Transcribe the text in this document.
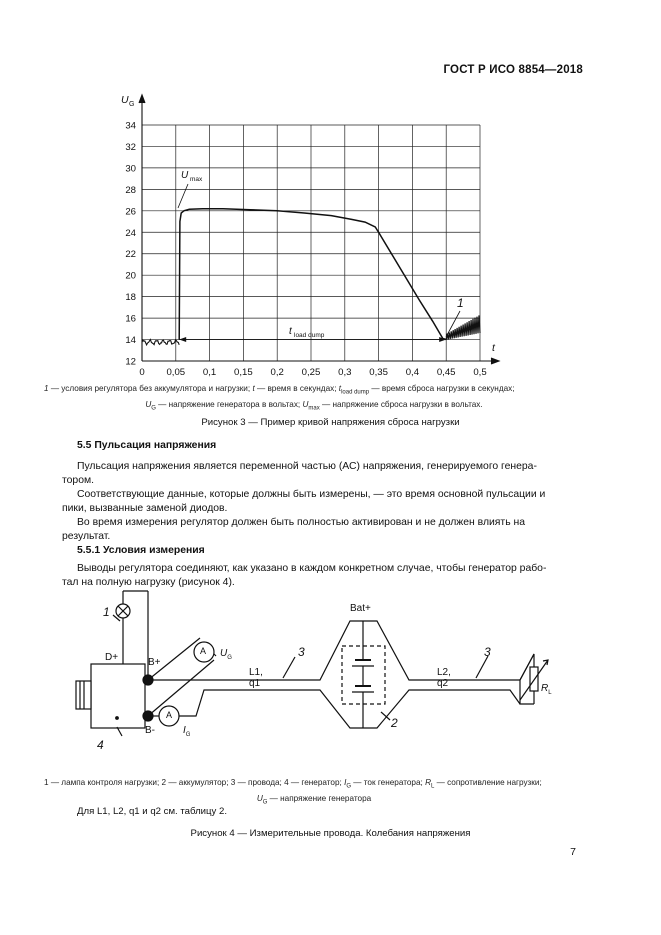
ГОСТ Р ИСО 8854—2018
12
14
16
18
20
22
24
26
28
30
32
34
0 0,05 0,1 0,15 0,2 0,25 0,3 0,35 0,4 0,45 0,5
U G
t
U max
t load dump
1
1 — условия регулятора без аккумулятора и нагрузки; t — время в секундах; $t_{load dump}$ — время сброса нагрузки в секундах;
$U_G$ — напряжение генератора в вольтах; $U_{max}$ — напряжение сброса нагрузки в вольтах.
Рисунок 3 — Пример кривой напряжения сброса нагрузки
5.5 Пульсация напряжения
Пульсация напряжения является переменной частью (АС) напряжения, генерируемого генера-
тором.
Соответствующие данные, которые должны быть измерены, — это время основной пульсации и
пики, вызванные заменой диодов.
Во время измерения регулятор должен быть полностью активирован и не должен влиять на
результат.
5.5.1 Условия измерения
Выводы регулятора соединяют, как указано в каждом конкретном случае, чтобы генератор рабо-
тал на полную нагрузку (рисунок 4).
1
D+	B+
B-
4
A
A
$U_G$
$I_G$
L1, q1
3
Bat+
2
L2, q2
3
$R_L$
1 — лампа контроля нагрузки; 2 — аккумулятор; 3 — провода; 4 — генератор; $I_G$ — ток генератора; $R_L$ — сопротивление нагрузки;
$U_G$ — напряжение генератора
Для L1, L2, q1 и q2 см. таблицу 2.
Рисунок 4 — Измерительные провода. Колебания напряжения
7
